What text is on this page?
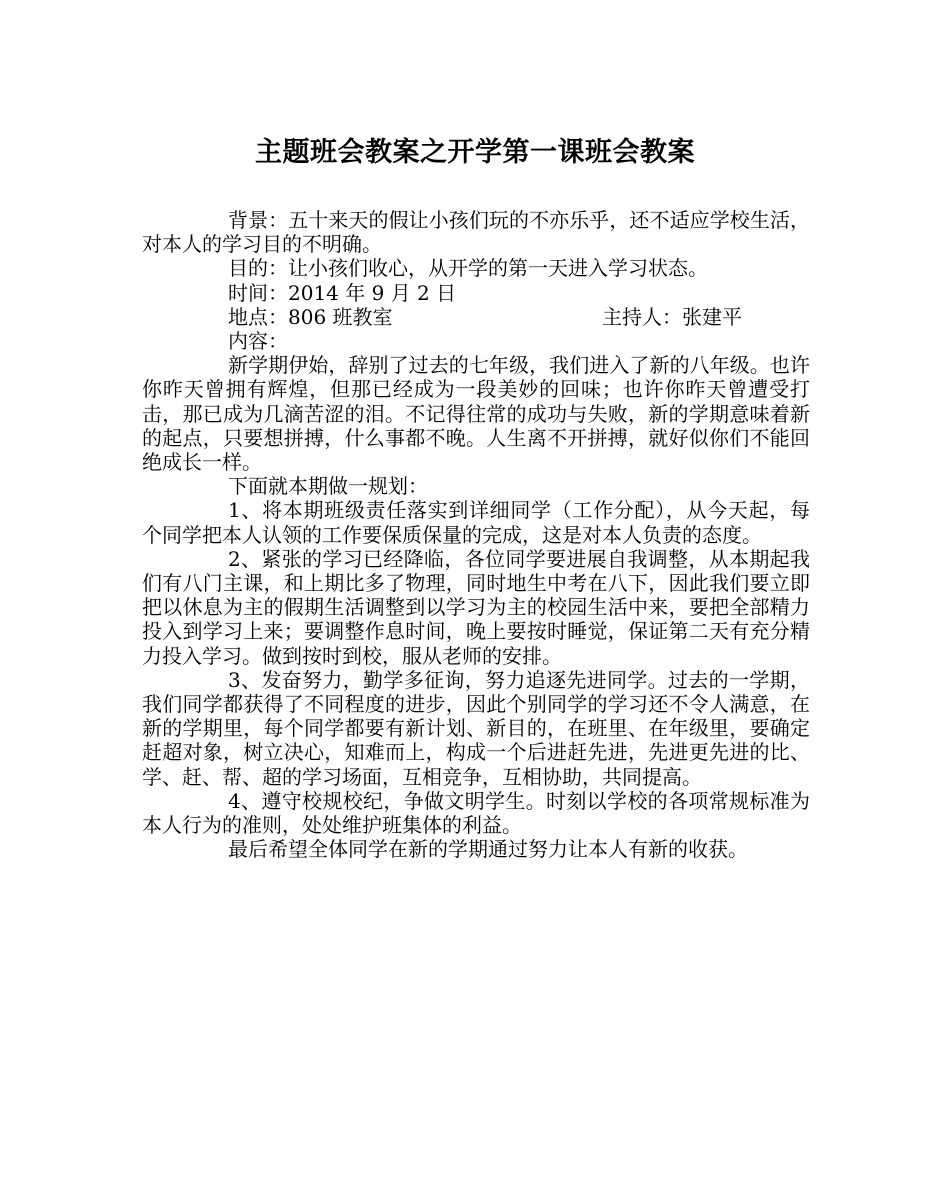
主题班会教案之开学第一课班会教案

背景：五十来天的假让小孩们玩的不亦乐乎，还不适应学校生活，对本人的学习目的不明确。

目的：让小孩们收心，从开学的第一天进入学习状态。

时间：2014 年 9 月 2 日

地点：806 班教室	主持人：张建平

内容：

新学期伊始，辞别了过去的七年级，我们进入了新的八年级。也许你昨天曾拥有辉煌，但那已经成为一段美妙的回味；也许你昨天曾遭受打击，那已成为几滴苦涩的泪。不记得往常的成功与失败，新的学期意味着新的起点，只要想拼搏，什么事都不晚。人生离不开拼搏，就好似你们不能回绝成长一样。

下面就本期做一规划：

1、将本期班级责任落实到详细同学（工作分配），从今天起，每个同学把本人认领的工作要保质保量的完成，这是对本人负责的态度。

2、紧张的学习已经降临，各位同学要进展自我调整，从本期起我们有八门主课，和上期比多了物理，同时地生中考在八下，因此我们要立即把以休息为主的假期生活调整到以学习为主的校园生活中来，要把全部精力投入到学习上来；要调整作息时间，晚上要按时睡觉，保证第二天有充分精力投入学习。做到按时到校，服从老师的安排。

3、发奋努力，勤学多征询，努力追逐先进同学。过去的一学期，我们同学都获得了不同程度的进步，因此个别同学的学习还不令人满意，在新的学期里，每个同学都要有新计划、新目的，在班里、在年级里，要确定赶超对象，树立决心，知难而上，构成一个后进赶先进，先进更先进的比、学、赶、帮、超的学习场面，互相竞争，互相协助，共同提高。

4、遵守校规校纪，争做文明学生。时刻以学校的各项常规标准为本人行为的准则，处处维护班集体的利益。

最后希望全体同学在新的学期通过努力让本人有新的收获。
